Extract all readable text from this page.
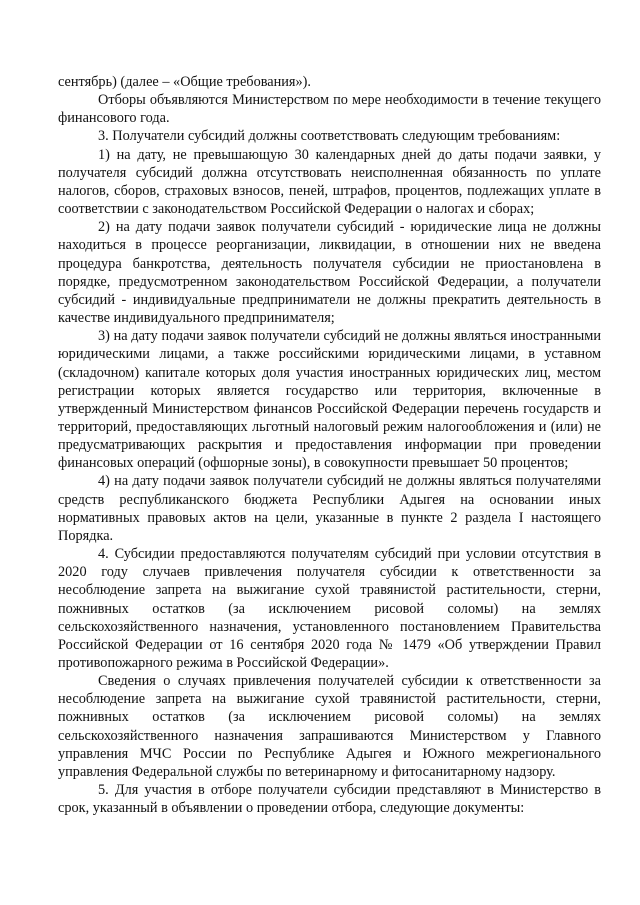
сентябрь) (далее – «Общие требования»).

Отборы объявляются Министерством по мере необходимости в течение текущего финансового года.

3. Получатели субсидий должны соответствовать следующим требованиям:

1) на дату, не превышающую 30 календарных дней до даты подачи заявки, у получателя субсидий должна отсутствовать неисполненная обязанность по уплате налогов, сборов, страховых взносов, пеней, штрафов, процентов, подлежащих уплате в соответствии с законодательством Российской Федерации о налогах и сборах;

2) на дату подачи заявок получатели субсидий - юридические лица не должны находиться в процессе реорганизации, ликвидации, в отношении них не введена процедура банкротства, деятельность получателя субсидии не приостановлена в порядке, предусмотренном законодательством Российской Федерации, а получатели субсидий - индивидуальные предприниматели не должны прекратить деятельность в качестве индивидуального предпринимателя;

3) на дату подачи заявок получатели субсидий не должны являться иностранными юридическими лицами, а также российскими юридическими лицами, в уставном (складочном) капитале которых доля участия иностранных юридических лиц, местом регистрации которых является государство или территория, включенные в утвержденный Министерством финансов Российской Федерации перечень государств и территорий, предоставляющих льготный налоговый режим налогообложения и (или) не предусматривающих раскрытия и предоставления информации при проведении финансовых операций (офшорные зоны), в совокупности превышает 50 процентов;

4) на дату подачи заявок получатели субсидий не должны являться получателями средств республиканского бюджета Республики Адыгея на основании иных нормативных правовых актов на цели, указанные в пункте 2 раздела I настоящего Порядка.

4. Субсидии предоставляются получателям субсидий при условии отсутствия в 2020 году случаев привлечения получателя субсидии к ответственности за несоблюдение запрета на выжигание сухой травянистой растительности, стерни, пожнивных остатков (за исключением рисовой соломы) на землях сельскохозяйственного назначения, установленного постановлением Правительства Российской Федерации от 16 сентября 2020 года № 1479 «Об утверждении Правил противопожарного режима в Российской Федерации».

Сведения о случаях привлечения получателей субсидии к ответственности за несоблюдение запрета на выжигание сухой травянистой растительности, стерни, пожнивных остатков (за исключением рисовой соломы) на землях сельскохозяйственного назначения запрашиваются Министерством у Главного управления МЧС России по Республике Адыгея и Южного межрегионального управления Федеральной службы по ветеринарному и фитосанитарному надзору.

5. Для участия в отборе получатели субсидии представляют в Министерство в срок, указанный в объявлении о проведении отбора, следующие документы:
